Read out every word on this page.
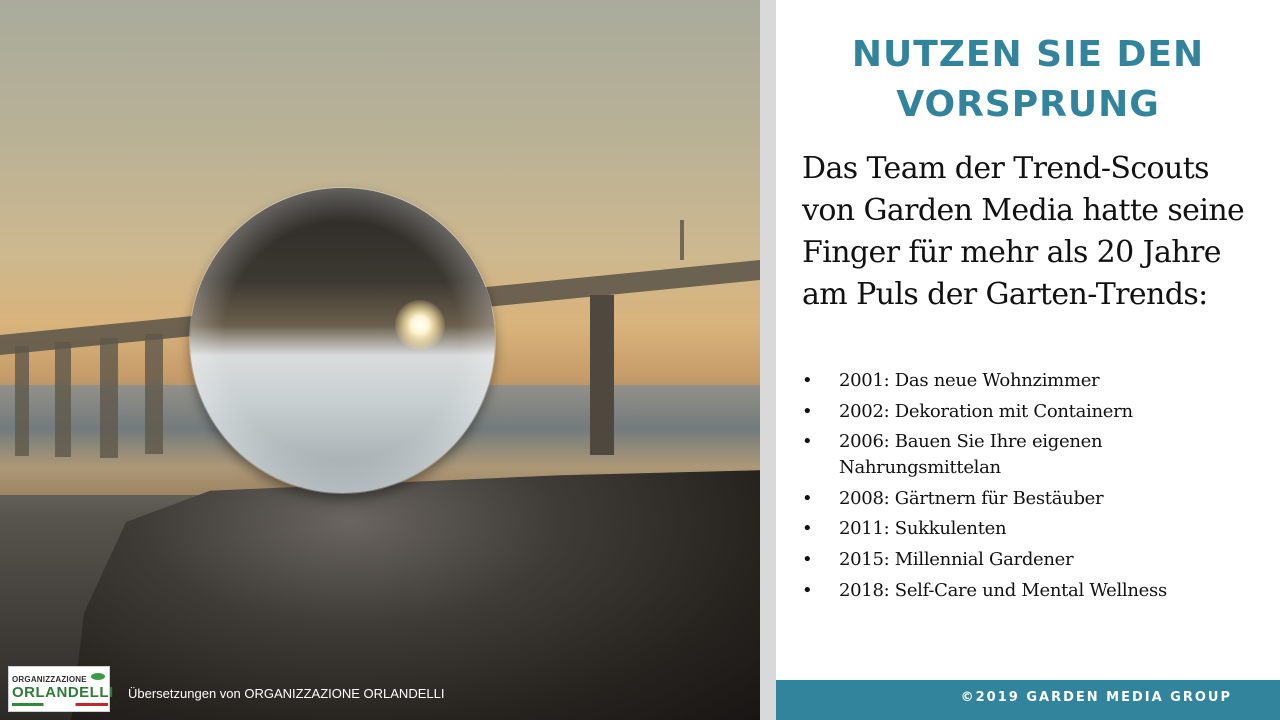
ORGANIZZAZIONE
ORLANDELLI Übersetzungen von ORGANIZZAZIONE ORLANDELLI
NUTZEN SIE DEN VORSPRUNG
Das Team der Trend-Scouts von Garden Media hatte seine Finger für mehr als 20 Jahre am Puls der Garten-Trends:
• 2001: Das neue Wohnzimmer
• 2002: Dekoration mit Containern
• 2006: Bauen Sie Ihre eigenen Nahrungsmittelan
• 2008: Gärtnern für Bestäuber
• 2011: Sukkulenten
• 2015: Millennial Gardener
• 2018: Self-Care und Mental Wellness
©2019 GARDEN MEDIA GROUP
